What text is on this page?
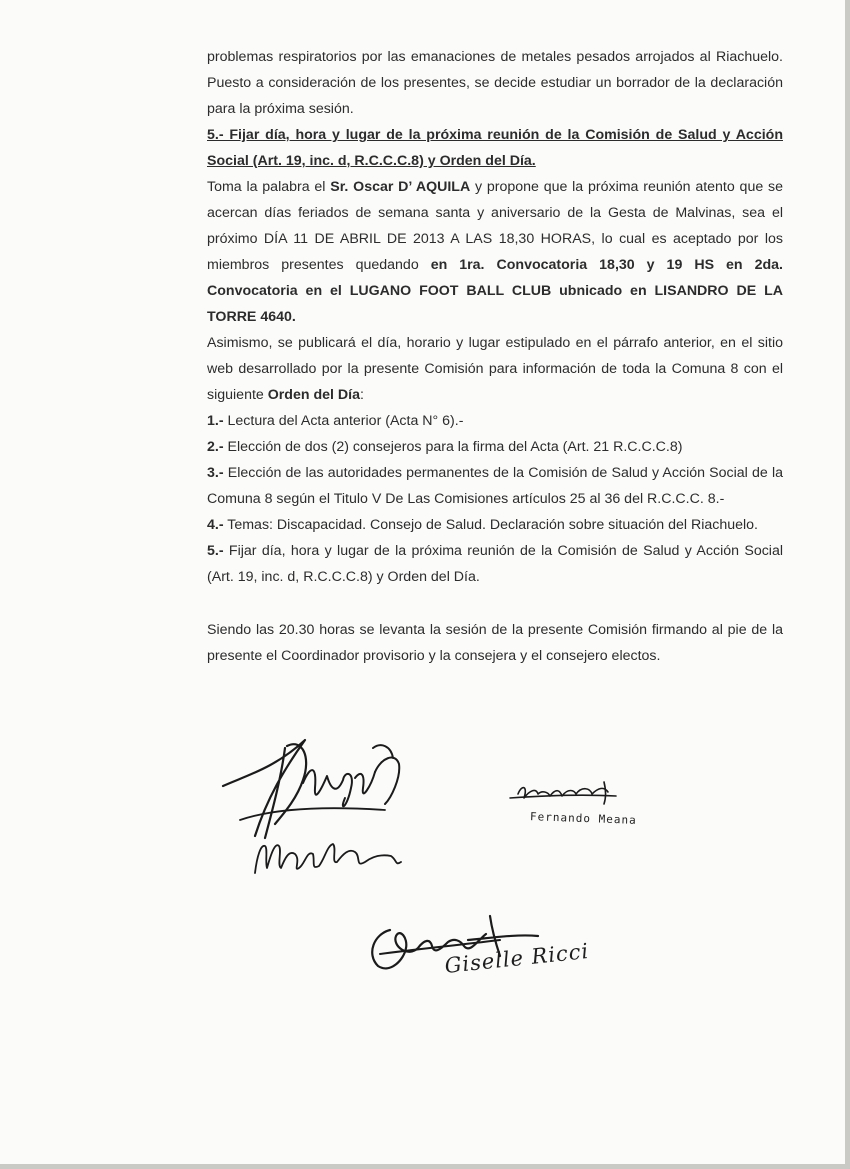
problemas respiratorios por las emanaciones de metales pesados arrojados al Riachuelo. Puesto a consideración de los presentes, se decide estudiar un borrador de la declaración para la próxima sesión.

5.- Fijar día, hora y lugar de la próxima reunión de la Comisión de Salud y Acción Social (Art. 19, inc. d, R.C.C.C.8) y Orden del Día.

Toma la palabra el Sr. Oscar D’ AQUILA y propone que la próxima reunión atento que se acercan días feriados de semana santa y aniversario de la Gesta de Malvinas, sea el próximo DÍA 11 DE ABRIL DE 2013 A LAS 18,30 HORAS, lo cual es aceptado por los miembros presentes quedando en 1ra. Convocatoria 18,30 y 19 HS en 2da. Convocatoria en el LUGANO FOOT BALL CLUB ubnicado en LISANDRO DE LA TORRE 4640.

Asimismo, se publicará el día, horario y lugar estipulado en el párrafo anterior, en el sitio web desarrollado por la presente Comisión para información de toda la Comuna 8 con el siguiente Orden del Día:

1.- Lectura del Acta anterior (Acta N° 6).-

2.- Elección de dos (2) consejeros para la firma del Acta (Art. 21 R.C.C.C.8)

3.- Elección de las autoridades permanentes de la Comisión de Salud y Acción Social de la Comuna 8 según el Titulo V De Las Comisiones artículos 25 al 36 del R.C.C.C. 8.-

4.- Temas: Discapacidad. Consejo de Salud. Declaración sobre situación del Riachuelo.

5.- Fijar día, hora y lugar de la próxima reunión de la Comisión de Salud y Acción Social (Art. 19, inc. d, R.C.C.C.8) y Orden del Día.

Siendo las 20.30 horas se levanta la sesión de la presente Comisión firmando al pie de la presente el Coordinador provisorio y la consejera y el consejero electos.

Fernando Meana
Giselle Ricci
